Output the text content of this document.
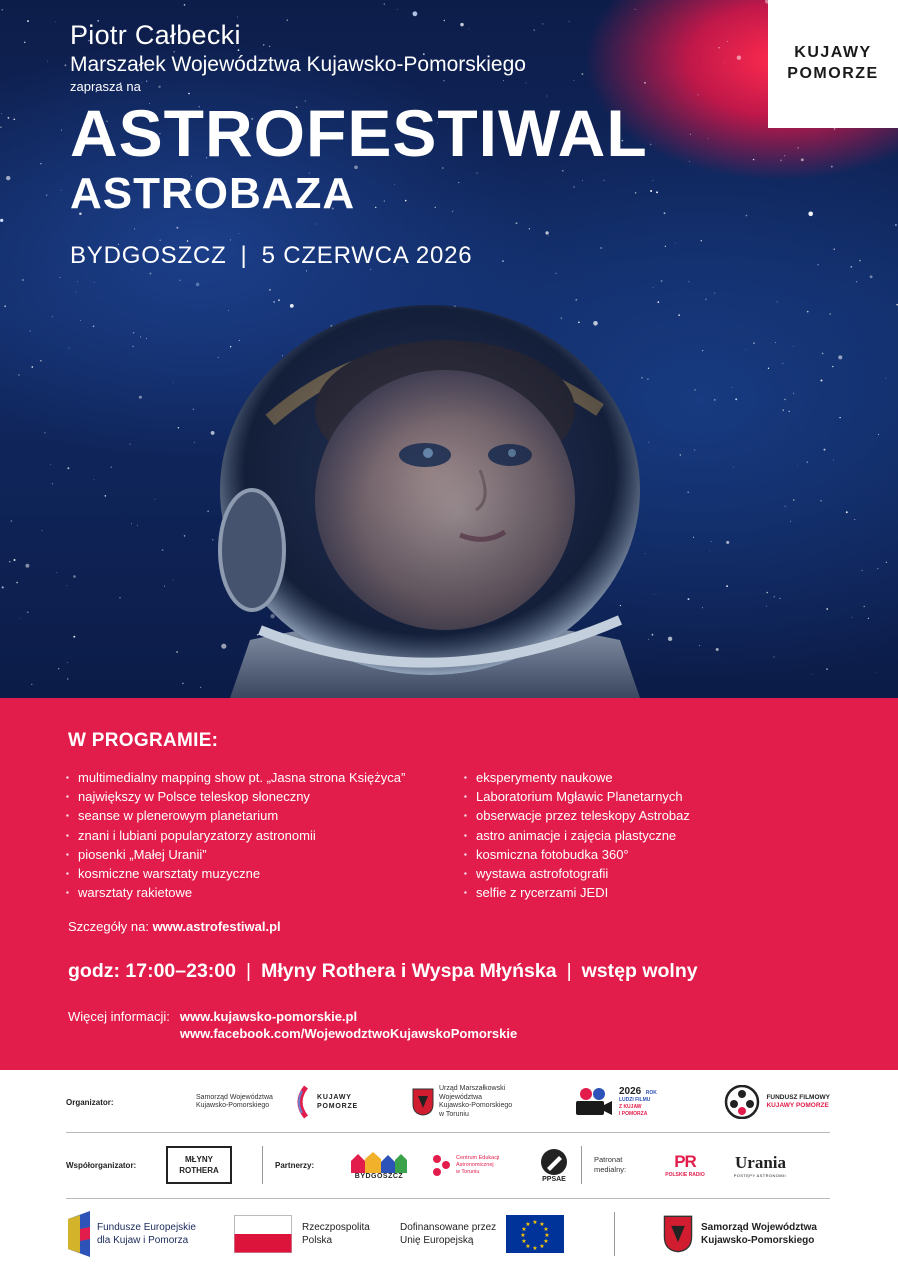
Piotr Całbecki
Marszałek Województwa Kujawsko-Pomorskiego
zaprasza na
ASTROFESTIWAL
ASTROBAZA
BYDGOSZCZ | 5 CZERWCA 2026
KUJAWY
POMORZE
W PROGRAMIE:
▪ multimedialny mapping show pt. „Jasna strona Księżyca”
▪ największy w Polsce teleskop słoneczny
▪ seanse w plenerowym planetarium
▪ znani i lubiani popularyzatorzy astronomii
▪ piosenki „Małej Uranii”
▪ kosmiczne warsztaty muzyczne
▪ warsztaty rakietowe
▪ eksperymenty naukowe
▪ Laboratorium Mgławic Planetarnych
▪ obserwacje przez teleskopy Astrobaz
▪ astro animacje i zajęcia plastyczne
▪ kosmiczna fotobudka 360°
▪ wystawa astrofotografii
▪ selfie z rycerzami JEDI
Szczegóły na: www.astrofestiwal.pl
godz: 17:00–23:00 | Młyny Rothera i Wyspa Młyńska | wstęp wolny
Więcej informacji: www.kujawsko-pomorskie.pl
www.facebook.com/WojewodztwoKujawskoPomorskie
Organizator:
Samorząd Województwa
Kujawsko-Pomorskiego
KUJAWY
POMORZE
Urząd Marszałkowski
Województwa
Kujawsko-Pomorskiego
w Toruniu
2026 ROK
LUDZI FILMU
Z KUJAW
I POMORZA
FUNDUSZ FILMOWY
KUJAWY POMORZE
Współorganizator:
MŁYNY
ROTHERA
Partnerzy:
BYDGOSZCZ
Centrum Edukacji
Astronomicznej
w Toruniu
PPSAE
Patronat
medialny:	PR
POLSKIE RADIO
Urania
POSTĘPY ASTRONOMII
Fundusze Europejskie
dla Kujaw i Pomorza
Rzeczpospolita
Polska
Dofinansowane przez
Unię Europejską
★ ★
★
★
★
★
★
★
★
★
★
★	Samorząd Województwa
Kujawsko-Pomorskiego
